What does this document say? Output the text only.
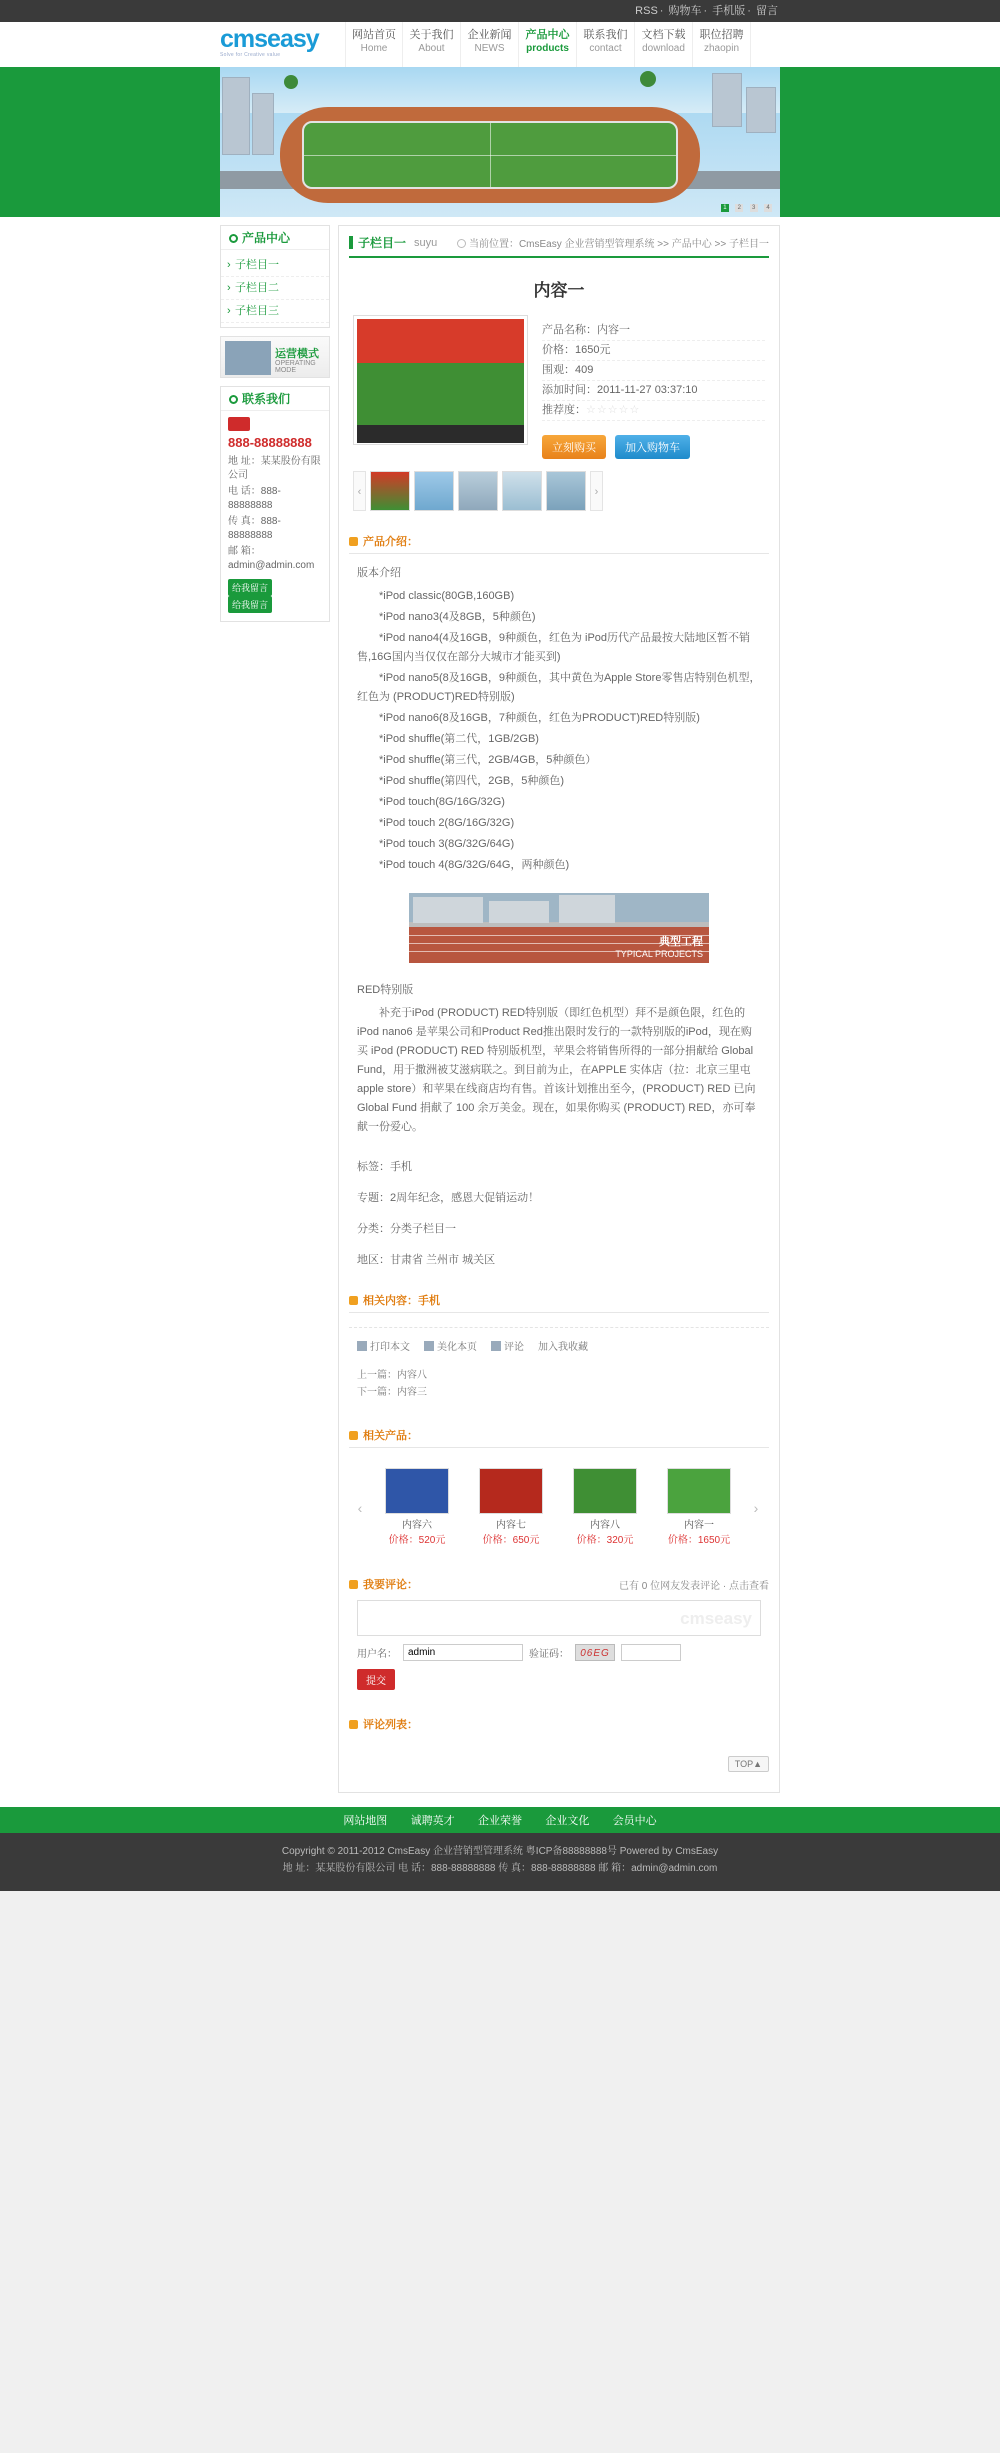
RSS · 购物车 · 手机版 · 留言
cmseasy
Solve for Creative value
网站首页
Home
关于我们
About
企业新闻
NEWS
产品中心
products
联系我们
contact
文档下载
download
职位招聘
zhaopin
1 2 3 4
产品中心
› 子栏目一
› 子栏目二
› 子栏目三
运营模式
OPERATING MODE
联系我们
888-88888888

地 址：某某股份有限公司

电 话：888-88888888

传 真：888-88888888

邮 箱：admin@admin.com

给我留言 给我留言
子栏目一 suyu	当前位置：CmsEasy 企业营销型管理系统 >> 产品中心 >> 子栏目一
内容一
产品名称：内容一
价格：1650元
围观：409
添加时间：2011-11-27 03:37:10
推荐度：☆☆☆☆☆
立刻购买	加入购物车
‹	›
产品介绍：

版本介绍

*iPod classic(80GB,160GB)

*iPod nano3(4及8GB，5种颜色)

*iPod nano4(4及16GB，9种颜色，红色为 iPod历代产品最按大陆地区暂不销售,16G国内当仅仅在部分大城市才能买到)

*iPod nano5(8及16GB，9种颜色，其中黄色为Apple Store零售店特别色机型，红色为 (PRODUCT)RED特别版)

*iPod nano6(8及16GB，7种颜色，红色为PRODUCT)RED特别版)

*iPod shuffle(第二代，1GB/2GB)

*iPod shuffle(第三代，2GB/4GB，5种颜色）

*iPod shuffle(第四代，2GB，5种颜色)

*iPod touch(8G/16G/32G)

*iPod touch 2(8G/16G/32G)

*iPod touch 3(8G/32G/64G)

*iPod touch 4(8G/32G/64G，两种颜色)

典型工程
TYPICAL PROJECTS

RED特别版

补充于iPod (PRODUCT) RED特别版（即红色机型）拜不是颜色限，红色的iPod nano6 是苹果公司和Product Red推出限时发行的一款特别版的iPod，现在购买 iPod (PRODUCT) RED 特别版机型，苹果会将销售所得的一部分捐献给 Global Fund，用于撒洲被艾滋病联之。到目前为止，在APPLE 实体店（拉：北京三里屯apple store）和苹果在线商店均有售。首该计划推出至今，(PRODUCT) RED 已向 Global Fund 捐献了 100 余万美金。现在，如果你购买 (PRODUCT) RED，亦可奉献一份爱心。

标签：手机

专题：2周年纪念，感恩大促销运动！

分类：分类子栏目一

地区：甘肃省 兰州市 城关区

相关内容：手机
打印本文	美化本页	评论 加入我收藏
上一篇：内容八
下一篇：内容三
相关产品：
‹
内容六
价格：520元
内容七
价格：650元
内容八
价格：320元
内容一
价格：1650元
›
我要评论：	已有 0 位网友发表评论 · 点击查看
cmseasy
用户名：
admin	验证码：	06EG
提交
评论列表：
TOP▲
网站地图 诚聘英才 企业荣誉 企业文化 会员中心
Copyright © 2011-2012 CmsEasy 企业营销型管理系统 粤ICP备88888888号 Powered by CmsEasy
地 址：某某股份有限公司 电 话：888-88888888 传 真：888-88888888 邮 箱：admin@admin.com
